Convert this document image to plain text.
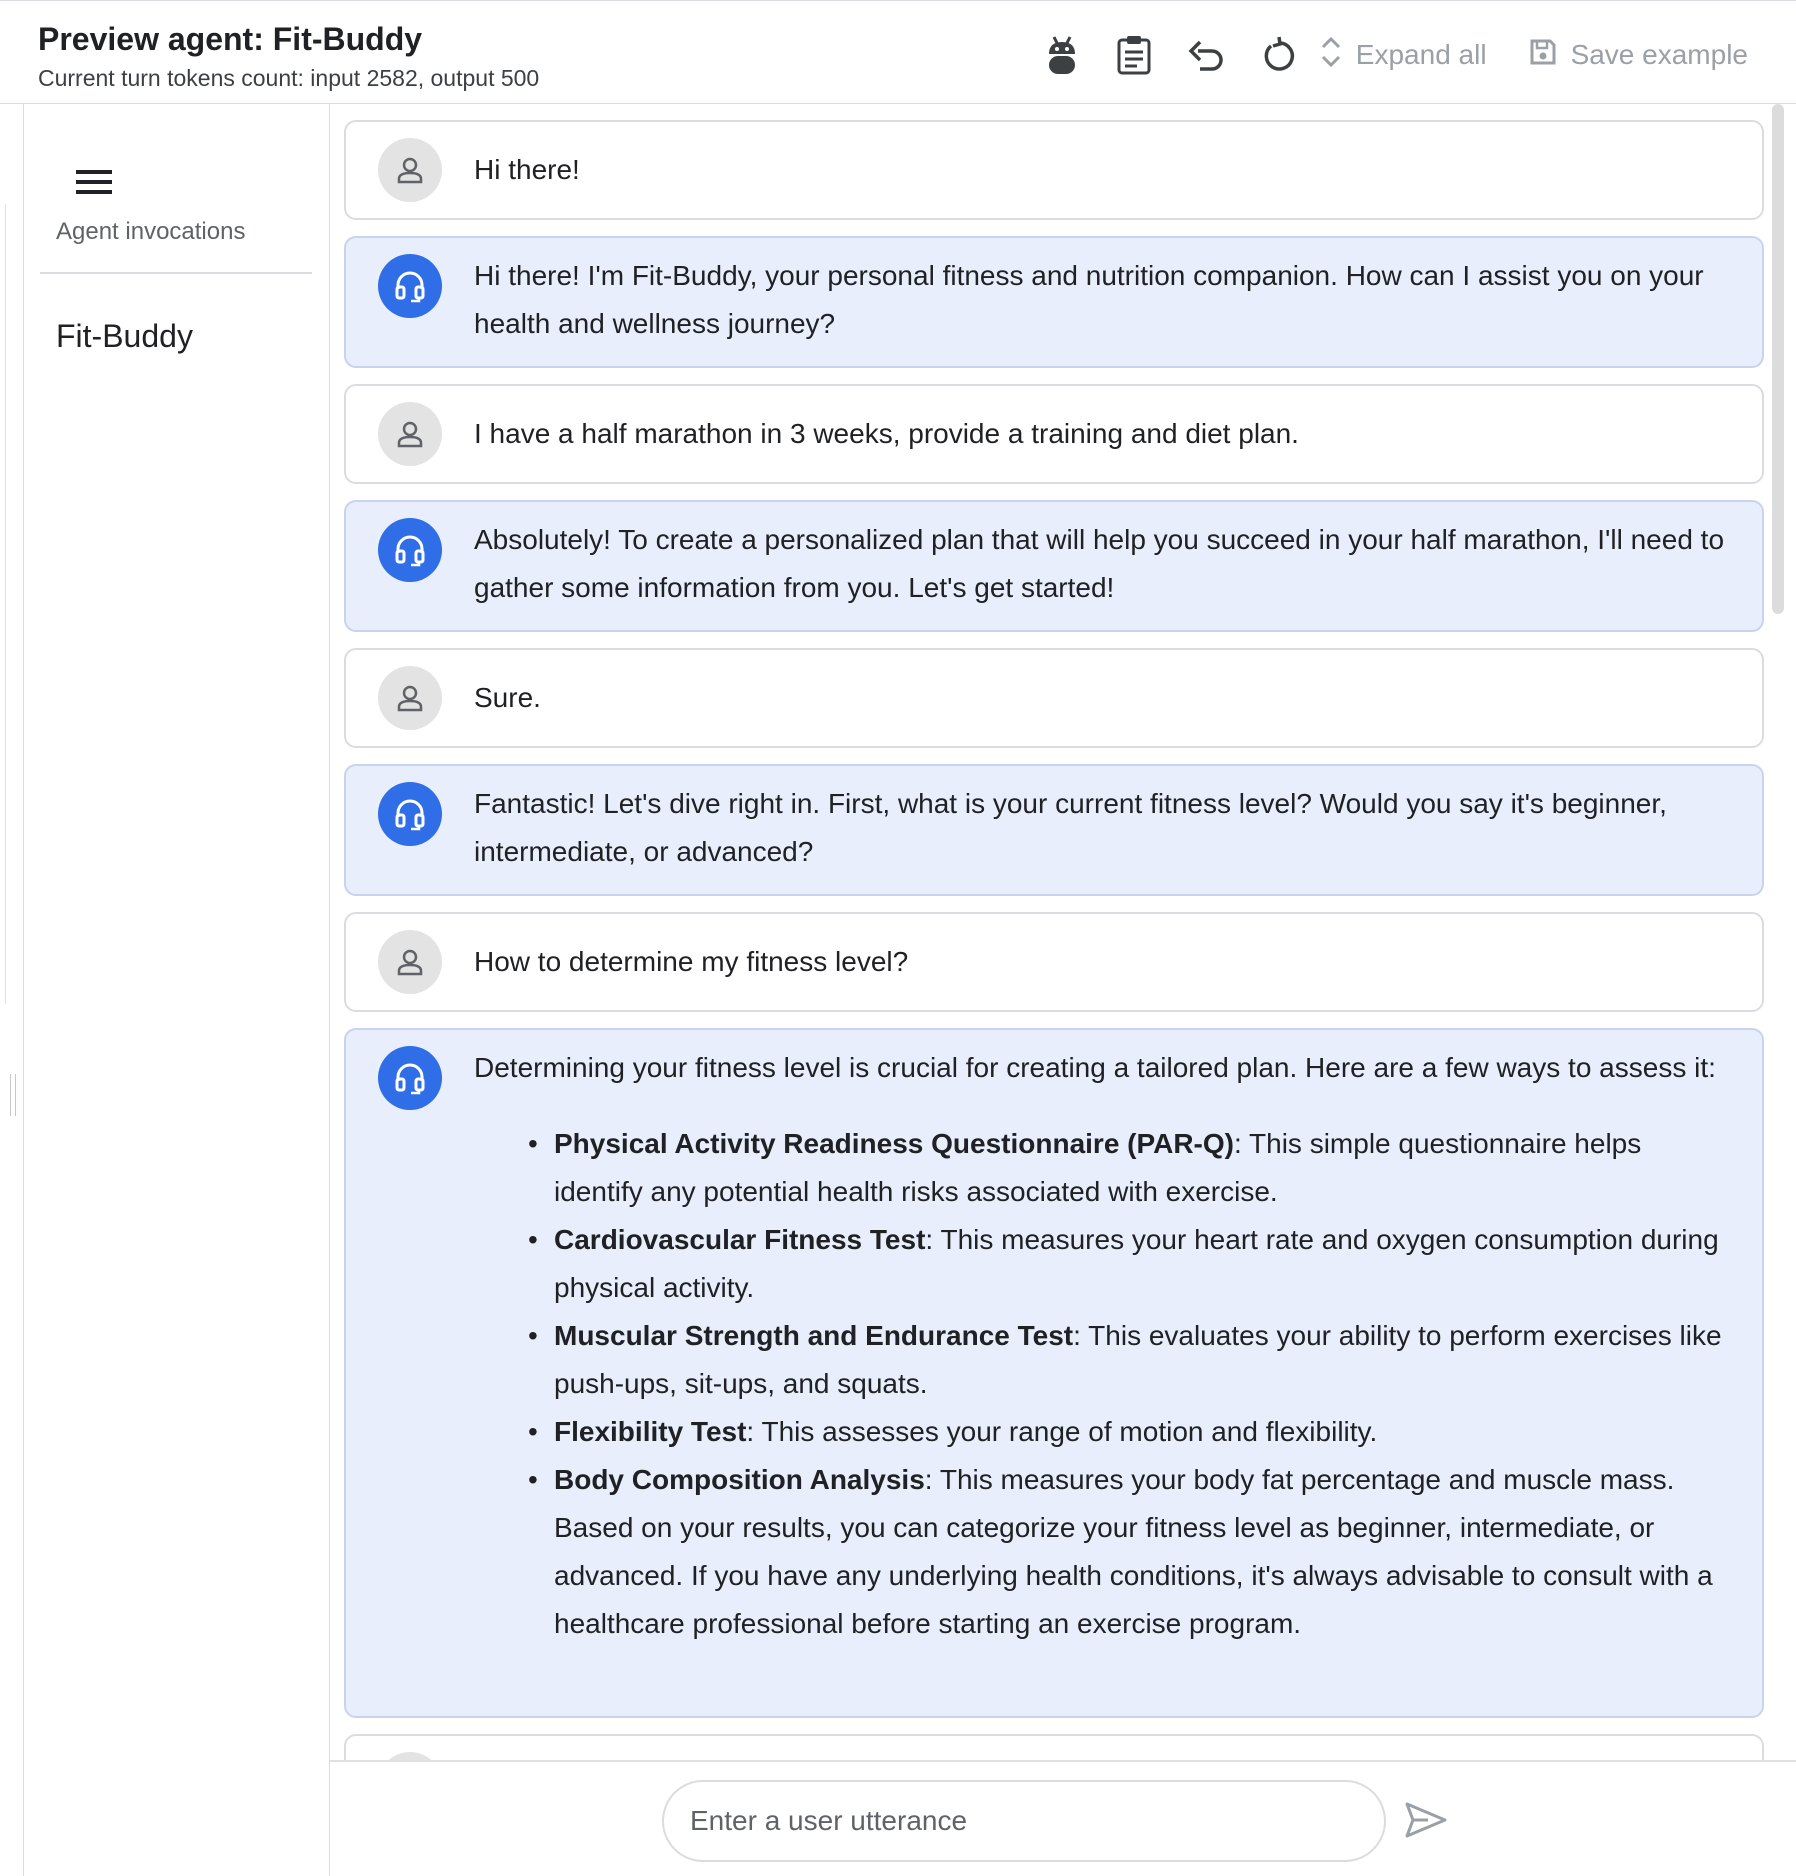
Preview agent: Fit-Buddy
Current turn tokens count: input 2582, output 500
Expand all	Save example
Agent invocations
Fit-Buddy
Hi there!
Hi there! I'm Fit-Buddy, your personal fitness and nutrition companion. How can I assist you on your health and wellness journey?
I have a half marathon in 3 weeks, provide a training and diet plan.
Absolutely! To create a personalized plan that will help you succeed in your half marathon, I'll need to gather some information from you. Let's get started!
Sure.
Fantastic! Let's dive right in. First, what is your current fitness level? Would you say it's beginner, intermediate, or advanced?
How to determine my fitness level?
Determining your fitness level is crucial for creating a tailored plan. Here are a few ways to assess it:
• Physical Activity Readiness Questionnaire (PAR-Q): This simple questionnaire helps identify any potential health risks associated with exercise.
• Cardiovascular Fitness Test: This measures your heart rate and oxygen consumption during physical activity.
• Muscular Strength and Endurance Test: This evaluates your ability to perform exercises like push-ups, sit-ups, and squats.
• Flexibility Test: This assesses your range of motion and flexibility.
• Body Composition Analysis: This measures your body fat percentage and muscle mass. Based on your results, you can categorize your fitness level as beginner, intermediate, or advanced. If you have any underlying health conditions, it's always advisable to consult with a healthcare professional before starting an exercise program.
Enter a user utterance
